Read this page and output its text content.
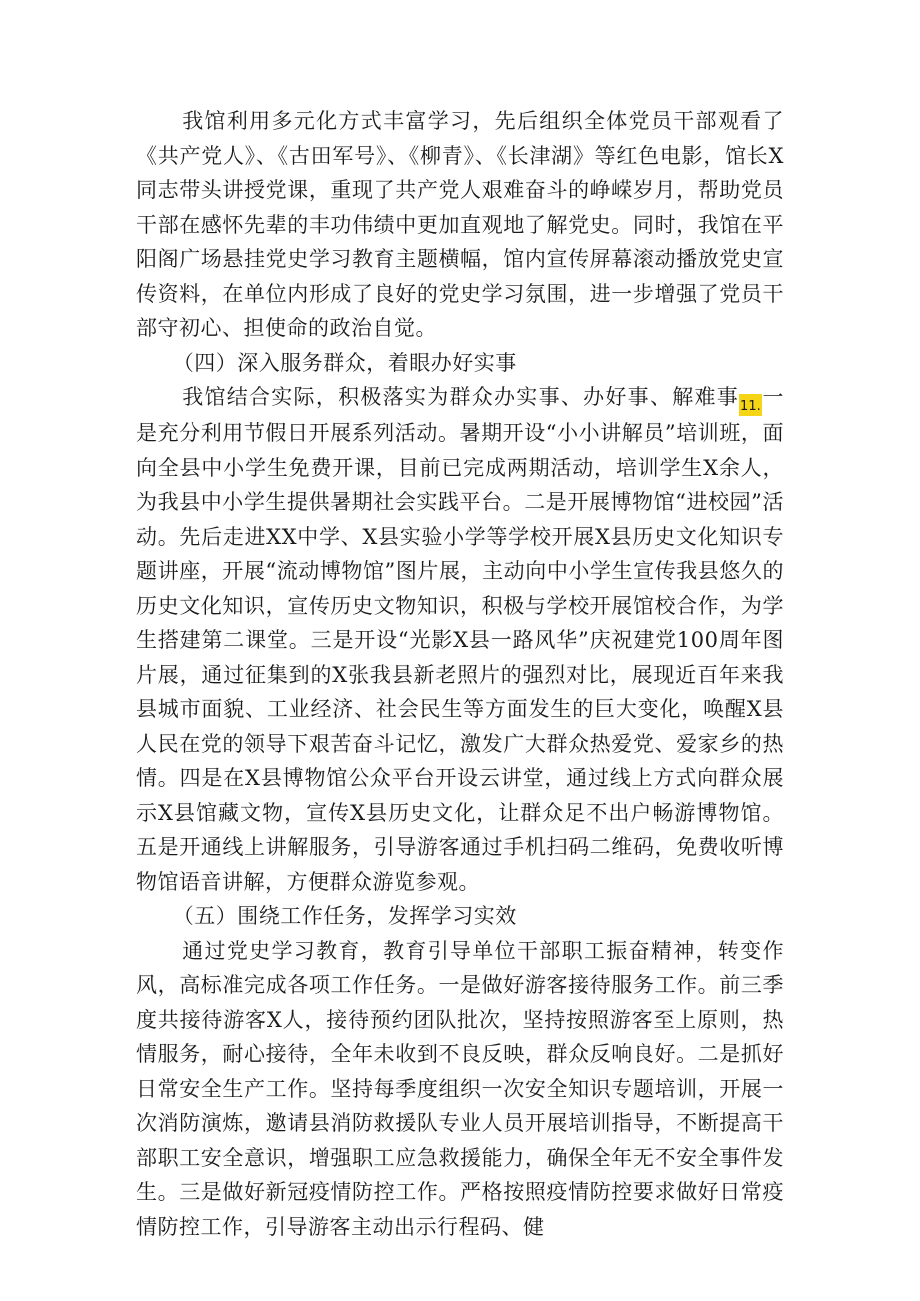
我馆利用多元化方式丰富学习，先后组织全体党员干部观看了《共产党人》、《古田军号》、《柳青》、《长津湖》等红色电影，馆长X同志带头讲授党课，重现了共产党人艰难奋斗的峥嵘岁月，帮助党员干部在感怀先辈的丰功伟绩中更加直观地了解党史。同时，我馆在平阳阁广场悬挂党史学习教育主题横幅，馆内宣传屏幕滚动播放党史宣传资料，在单位内形成了良好的党史学习氛围，进一步增强了党员干部守初心、担使命的政治自觉。

（四）深入服务群众，着眼办好实事

我馆结合实际，积极落实为群众办实事、办好事、解难事11.一是充分利用节假日开展系列活动。暑期开设“小小讲解员”培训班，面向全县中小学生免费开课，目前已完成两期活动，培训学生X余人，为我县中小学生提供暑期社会实践平台。二是开展博物馆“进校园”活动。先后走进XX中学、X县实验小学等学校开展X县历史文化知识专题讲座，开展“流动博物馆”图片展，主动向中小学生宣传我县悠久的历史文化知识，宣传历史文物知识，积极与学校开展馆校合作，为学生搭建第二课堂。三是开设“光影X县一路风华”庆祝建党100周年图片展，通过征集到的X张我县新老照片的强烈对比，展现近百年来我县城市面貌、工业经济、社会民生等方面发生的巨大变化，唤醒X县人民在党的领导下艰苦奋斗记忆，激发广大群众热爱党、爱家乡的热情。四是在X县博物馆公众平台开设云讲堂，通过线上方式向群众展示X县馆藏文物，宣传X县历史文化，让群众足不出户畅游博物馆。五是开通线上讲解服务，引导游客通过手机扫码二维码，免费收听博物馆语音讲解，方便群众游览参观。

（五）围绕工作任务，发挥学习实效

通过党史学习教育，教育引导单位干部职工振奋精神，转变作风，高标准完成各项工作任务。一是做好游客接待服务工作。前三季度共接待游客X人，接待预约团队批次，坚持按照游客至上原则，热情服务，耐心接待，全年未收到不良反映，群众反响良好。二是抓好日常安全生产工作。坚持每季度组织一次安全知识专题培训，开展一次消防演炼，邀请县消防救援队专业人员开展培训指导，不断提高干部职工安全意识，增强职工应急救援能力，确保全年无不安全事件发生。三是做好新冠疫情防控工作。严格按照疫情防控要求做好日常疫情防控工作，引导游客主动出示行程码、健
